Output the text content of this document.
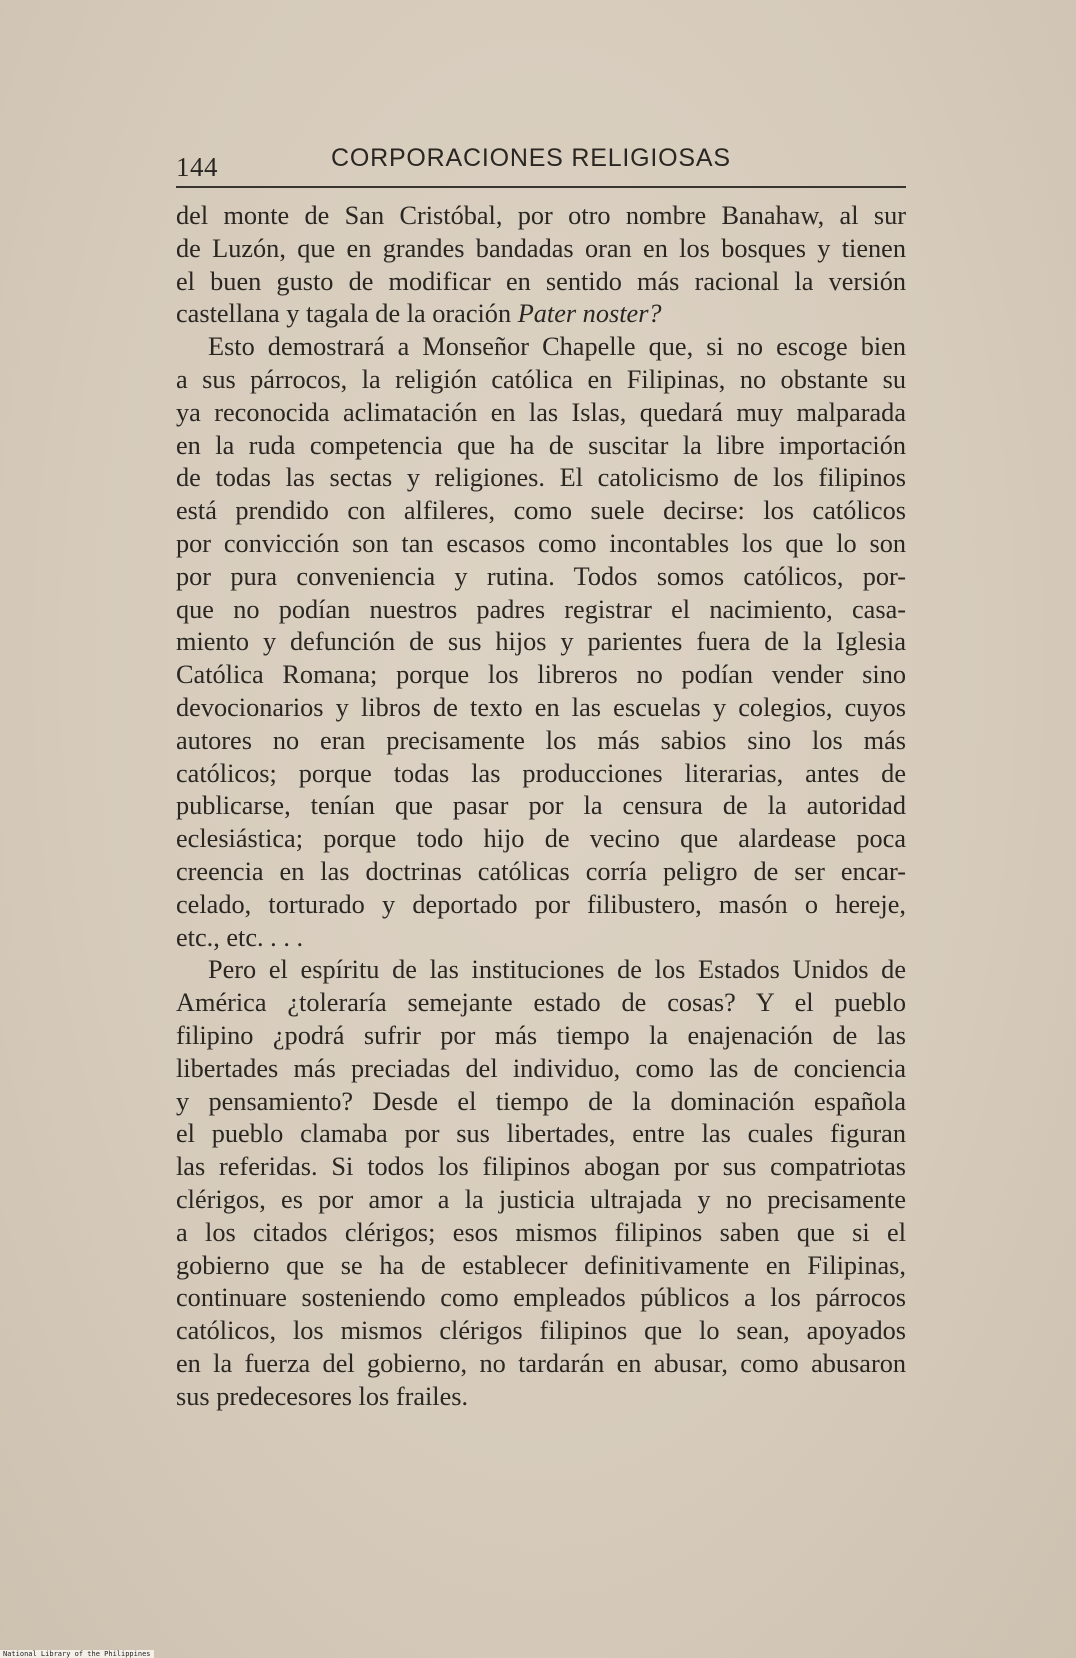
144	CORPORACIONES RELIGIOSAS
del monte de San Cristóbal, por otro nombre Banahaw, al sur
de Luzón, que en grandes bandadas oran en los bosques y tienen
el buen gusto de modificar en sentido más racional la versión
castellana y tagala de la oración Pater noster?
Esto demostrará a Monseñor Chapelle que, si no escoge bien
a sus párrocos, la religión católica en Filipinas, no obstante su
ya reconocida aclimatación en las Islas, quedará muy malparada
en la ruda competencia que ha de suscitar la libre importación
de todas las sectas y religiones. El catolicismo de los filipinos
está prendido con alfileres, como suele decirse: los católicos
por convicción son tan escasos como incontables los que lo son
por pura conveniencia y rutina. Todos somos católicos, por-
que no podían nuestros padres registrar el nacimiento, casa-
miento y defunción de sus hijos y parientes fuera de la Iglesia
Católica Romana; porque los libreros no podían vender sino
devocionarios y libros de texto en las escuelas y colegios, cuyos
autores no eran precisamente los más sabios sino los más
católicos; porque todas las producciones literarias, antes de
publicarse, tenían que pasar por la censura de la autoridad
eclesiástica; porque todo hijo de vecino que alardease poca
creencia en las doctrinas católicas corría peligro de ser encar-
celado, torturado y deportado por filibustero, masón o hereje,
etc., etc. . . .
Pero el espíritu de las instituciones de los Estados Unidos de
América ¿toleraría semejante estado de cosas? Y el pueblo
filipino ¿podrá sufrir por más tiempo la enajenación de las
libertades más preciadas del individuo, como las de conciencia
y pensamiento? Desde el tiempo de la dominación española
el pueblo clamaba por sus libertades, entre las cuales figuran
las referidas. Si todos los filipinos abogan por sus compatriotas
clérigos, es por amor a la justicia ultrajada y no precisamente
a los citados clérigos; esos mismos filipinos saben que si el
gobierno que se ha de establecer definitivamente en Filipinas,
continuare sosteniendo como empleados públicos a los párrocos
católicos, los mismos clérigos filipinos que lo sean, apoyados
en la fuerza del gobierno, no tardarán en abusar, como abusaron
sus predecesores los frailes.
National Library of the Philippines
